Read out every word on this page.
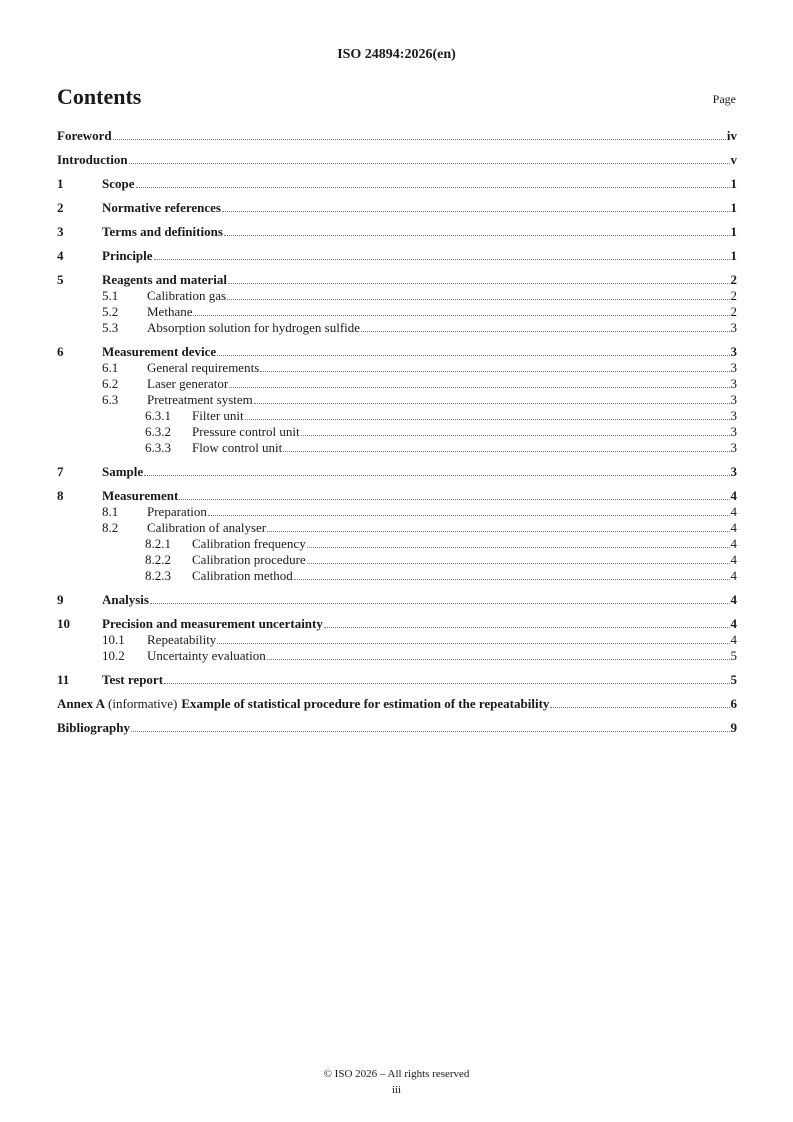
ISO 24894:2026(en)
Contents	Page
Foreword	iv
Introduction	v
1	Scope	1
2	Normative references	1
3	Terms and definitions	1
4	Principle	1
5	Reagents and material	2
5.1	Calibration gas	2
5.2	Methane	2
5.3	Absorption solution for hydrogen sulfide	3
6	Measurement device	3
6.1	General requirements	3
6.2	Laser generator	3
6.3	Pretreatment system	3
6.3.1	Filter unit	3
6.3.2	Pressure control unit	3
6.3.3	Flow control unit	3
7	Sample	3
8	Measurement	4
8.1	Preparation	4
8.2	Calibration of analyser	4
8.2.1	Calibration frequency	4
8.2.2	Calibration procedure	4
8.2.3	Calibration method	4
9	Analysis	4
10	Precision and measurement uncertainty	4
10.1	Repeatability	4
10.2	Uncertainty evaluation	5
11	Test report	5
Annex A (informative) Example of statistical procedure for estimation of the repeatability	6
Bibliography	9
© ISO 2026 – All rights reserved
iii
